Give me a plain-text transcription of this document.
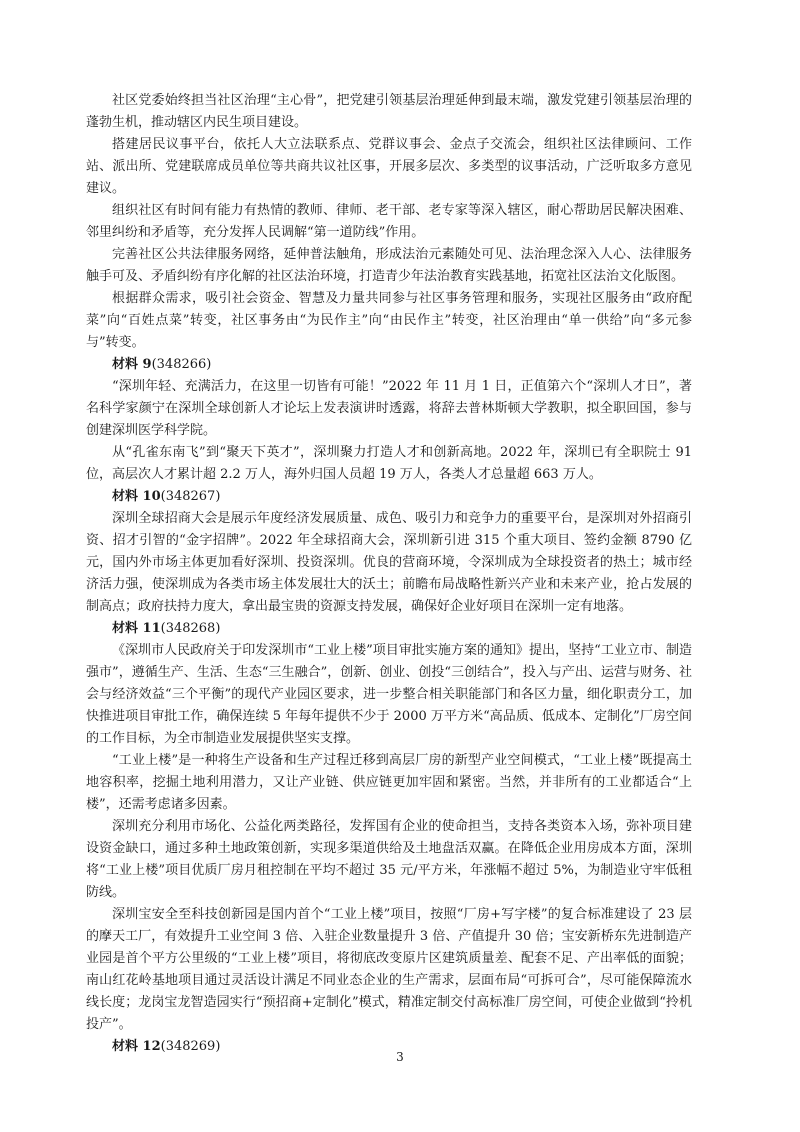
社区党委始终担当社区治理“主心骨”，把党建引领基层治理延伸到最末端，激发党建引领基层治理的蓬勃生机，推动辖区内民生项目建设。

搭建居民议事平台，依托人大立法联系点、党群议事会、金点子交流会，组织社区法律顾问、工作站、派出所、党建联席成员单位等共商共议社区事，开展多层次、多类型的议事活动，广泛听取多方意见建议。

组织社区有时间有能力有热情的教师、律师、老干部、老专家等深入辖区，耐心帮助居民解决困难、邻里纠纷和矛盾等，充分发挥人民调解“第一道防线”作用。

完善社区公共法律服务网络，延伸普法触角，形成法治元素随处可见、法治理念深入人心、法律服务触手可及、矛盾纠纷有序化解的社区法治环境，打造青少年法治教育实践基地，拓宽社区法治文化版图。

根据群众需求，吸引社会资金、智慧及力量共同参与社区事务管理和服务，实现社区服务由“政府配菜”向“百姓点菜”转变，社区事务由“为民作主”向“由民作主”转变，社区治理由“单一供给”向“多元参与”转变。

材料 9(348266)

“深圳年轻、充满活力，在这里一切皆有可能！”2022 年 11 月 1 日，正值第六个“深圳人才日”，著名科学家颜宁在深圳全球创新人才论坛上发表演讲时透露，将辞去普林斯顿大学教职，拟全职回国，参与创建深圳医学科学院。

从“孔雀东南飞”到“聚天下英才”，深圳聚力打造人才和创新高地。2022 年，深圳已有全职院士 91 位，高层次人才累计超 2.2 万人，海外归国人员超 19 万人，各类人才总量超 663 万人。

材料 10(348267)

深圳全球招商大会是展示年度经济发展质量、成色、吸引力和竞争力的重要平台，是深圳对外招商引资、招才引智的“金字招牌”。2022 年全球招商大会，深圳新引进 315 个重大项目、签约金额 8790 亿元，国内外市场主体更加看好深圳、投资深圳。优良的营商环境，令深圳成为全球投资者的热土；城市经济活力强，使深圳成为各类市场主体发展壮大的沃土；前瞻布局战略性新兴产业和未来产业，抢占发展的制高点；政府扶持力度大，拿出最宝贵的资源支持发展，确保好企业好项目在深圳一定有地落。

材料 11(348268)

《深圳市人民政府关于印发深圳市“工业上楼”项目审批实施方案的通知》提出，坚持“工业立市、制造强市”，遵循生产、生活、生态“三生融合”，创新、创业、创投“三创结合”，投入与产出、运营与财务、社会与经济效益“三个平衡”的现代产业园区要求，进一步整合相关职能部门和各区力量，细化职责分工，加快推进项目审批工作，确保连续 5 年每年提供不少于 2000 万平方米“高品质、低成本、定制化”厂房空间的工作目标，为全市制造业发展提供坚实支撑。

“工业上楼”是一种将生产设备和生产过程迁移到高层厂房的新型产业空间模式，“工业上楼”既提高土地容积率，挖掘土地利用潜力，又让产业链、供应链更加牢固和紧密。当然，并非所有的工业都适合“上楼”，还需考虑诸多因素。

深圳充分利用市场化、公益化两类路径，发挥国有企业的使命担当，支持各类资本入场，弥补项目建设资金缺口，通过多种土地政策创新，实现多渠道供给及土地盘活双赢。在降低企业用房成本方面，深圳将“工业上楼”项目优质厂房月租控制在平均不超过 35 元/平方米，年涨幅不超过 5%，为制造业守牢低租防线。

深圳宝安全至科技创新园是国内首个“工业上楼”项目，按照“厂房+写字楼”的复合标准建设了 23 层的摩天工厂，有效提升工业空间 3 倍、入驻企业数量提升 3 倍、产值提升 30 倍；宝安新桥东先进制造产业园是首个平方公里级的“工业上楼”项目，将彻底改变原片区建筑质量差、配套不足、产出率低的面貌；南山红花岭基地项目通过灵活设计满足不同业态企业的生产需求，层面布局“可拆可合”，尽可能保障流水线长度；龙岗宝龙智造园实行“预招商+定制化”模式，精准定制交付高标准厂房空间，可使企业做到“拎机投产”。

材料 12(348269)
3
